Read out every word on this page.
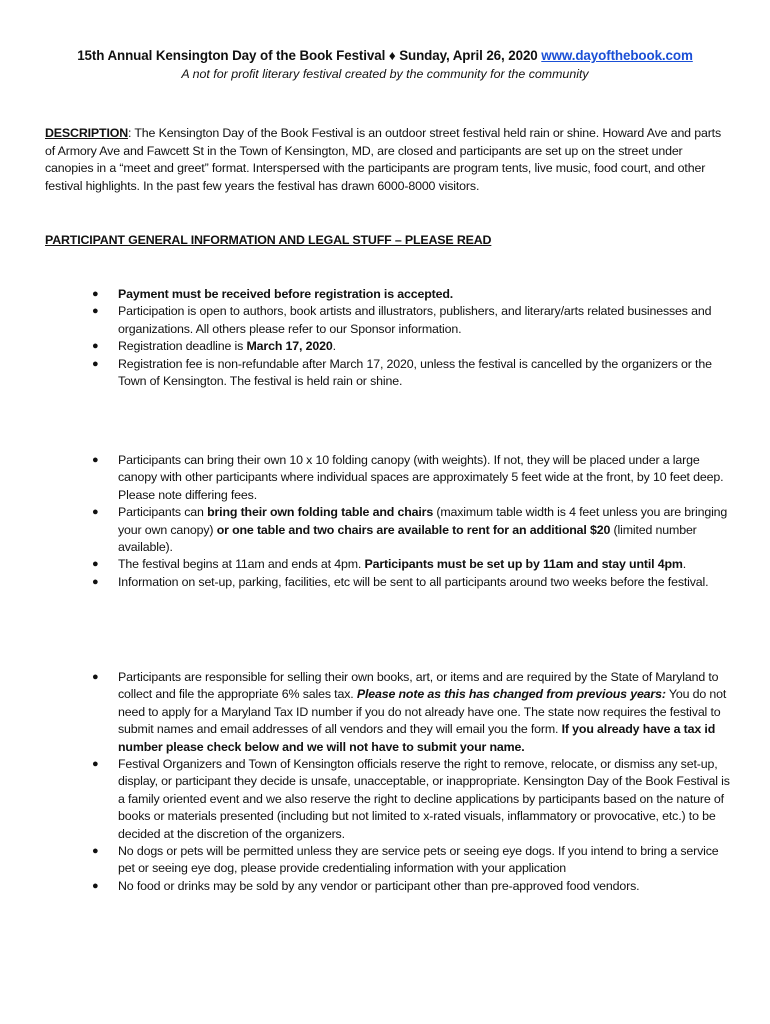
15th Annual Kensington Day of the Book Festival ♦ Sunday, April 26, 2020 www.dayofthebook.com
A not for profit literary festival created by the community for the community
DESCRIPTION: The Kensington Day of the Book Festival is an outdoor street festival held rain or shine. Howard Ave and parts of Armory Ave and Fawcett St in the Town of Kensington, MD, are closed and participants are set up on the street under canopies in a “meet and greet” format. Interspersed with the participants are program tents, live music, food court, and other festival highlights. In the past few years the festival has drawn 6000-8000 visitors.
PARTICIPANT GENERAL INFORMATION AND LEGAL STUFF – PLEASE READ
● Payment must be received before registration is accepted.
● Participation is open to authors, book artists and illustrators, publishers, and literary/arts related businesses and organizations. All others please refer to our Sponsor information.
● Registration deadline is March 17, 2020.
● Registration fee is non-refundable after March 17, 2020, unless the festival is cancelled by the organizers or the Town of Kensington. The festival is held rain or shine.
● Participants can bring their own 10 x 10 folding canopy (with weights). If not, they will be placed under a large canopy with other participants where individual spaces are approximately 5 feet wide at the front, by 10 feet deep. Please note differing fees.
● Participants can bring their own folding table and chairs (maximum table width is 4 feet unless you are bringing your own canopy) or one table and two chairs are available to rent for an additional $20 (limited number available).
● The festival begins at 11am and ends at 4pm. Participants must be set up by 11am and stay until 4pm.
● Information on set-up, parking, facilities, etc will be sent to all participants around two weeks before the festival.
● Participants are responsible for selling their own books, art, or items and are required by the State of Maryland to collect and file the appropriate 6% sales tax. Please note as this has changed from previous years: You do not need to apply for a Maryland Tax ID number if you do not already have one. The state now requires the festival to submit names and email addresses of all vendors and they will email you the form. If you already have a tax id number please check below and we will not have to submit your name.
● Festival Organizers and Town of Kensington officials reserve the right to remove, relocate, or dismiss any set-up, display, or participant they decide is unsafe, unacceptable, or inappropriate. Kensington Day of the Book Festival is a family oriented event and we also reserve the right to decline applications by participants based on the nature of books or materials presented (including but not limited to x-rated visuals, inflammatory or provocative, etc.) to be decided at the discretion of the organizers.
● No dogs or pets will be permitted unless they are service pets or seeing eye dogs. If you intend to bring a service pet or seeing eye dog, please provide credentialing information with your application
● No food or drinks may be sold by any vendor or participant other than pre-approved food vendors.
